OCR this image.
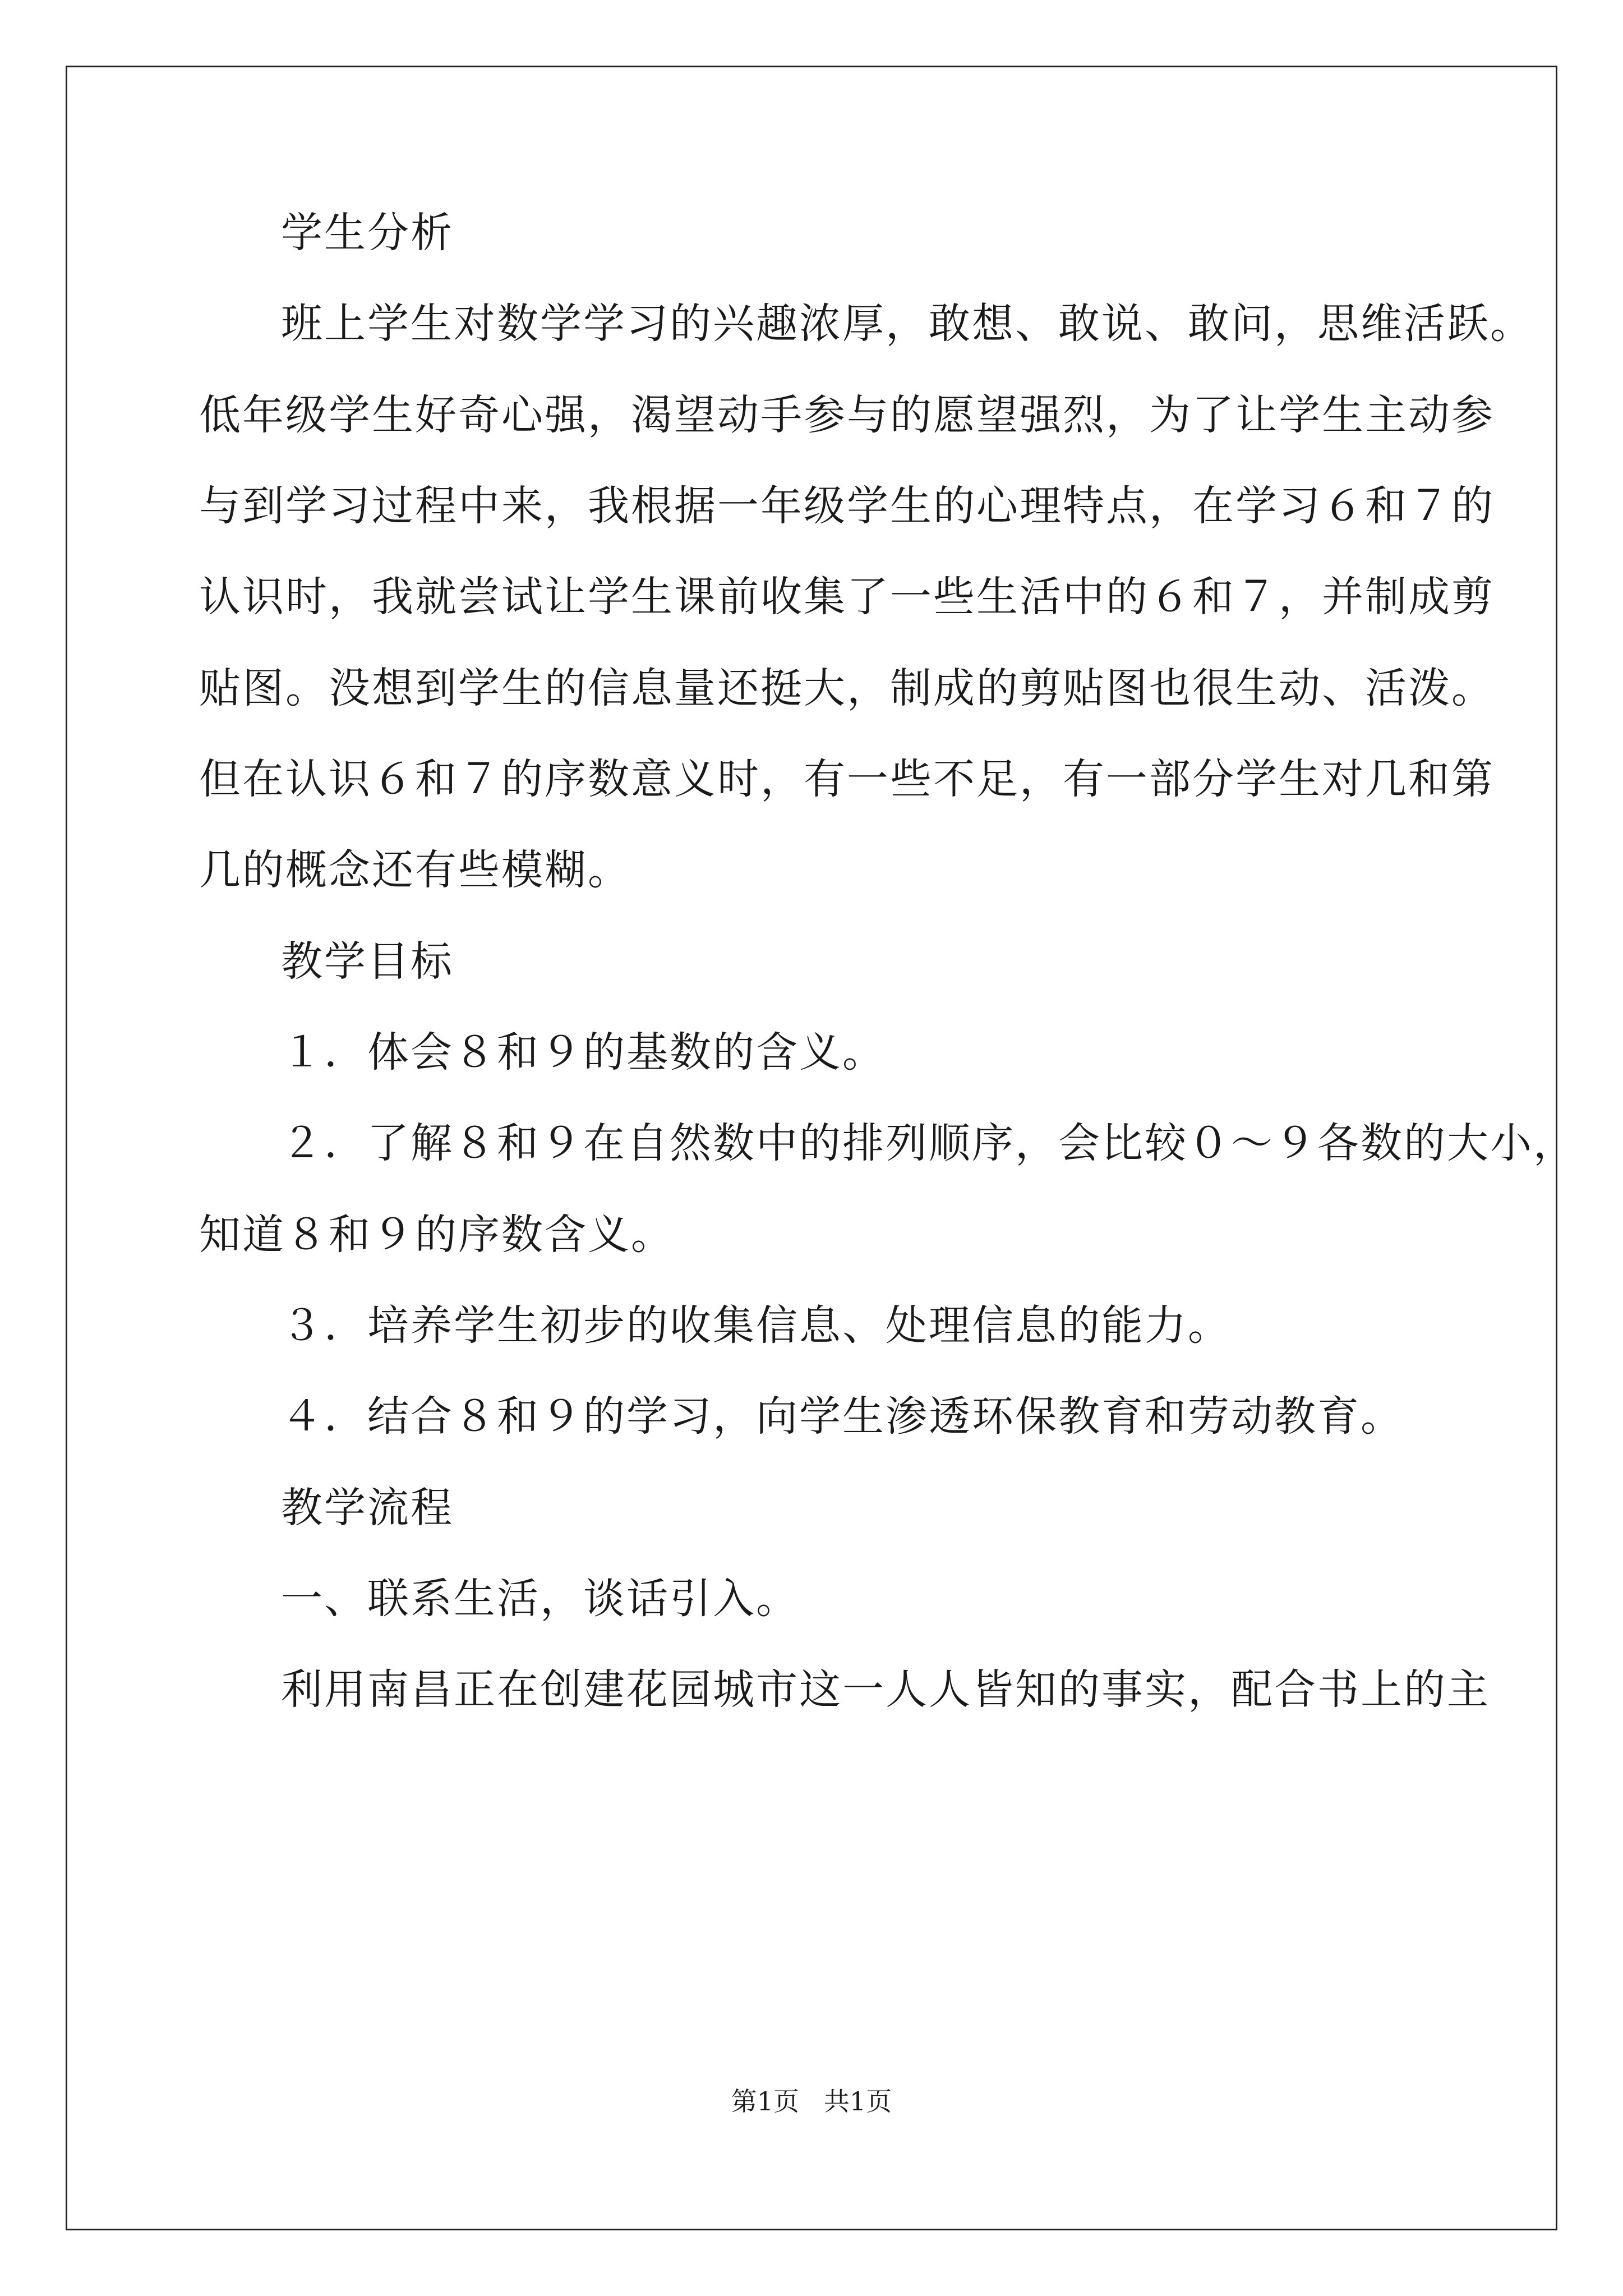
学生分析
班上学生对数学学习的兴趣浓厚，敢想、敢说、敢问，思维活跃。
低年级学生好奇心强，渴望动手参与的愿望强烈，为了让学生主动参
与到学习过程中来，我根据一年级学生的心理特点，在学习６和７的
认识时，我就尝试让学生课前收集了一些生活中的６和７，并制成剪
贴图。没想到学生的信息量还挺大，制成的剪贴图也很生动、活泼。
但在认识６和７的序数意义时，有一些不足，有一部分学生对几和第
几的概念还有些模糊。
教学目标
１．体会８和９的基数的含义。
２．了解８和９在自然数中的排列顺序，会比较０～９各数的大小，
知道８和９的序数含义。
３．培养学生初步的收集信息、处理信息的能力。
４．结合８和９的学习，向学生渗透环保教育和劳动教育。
教学流程
一、联系生活，谈话引入。
利用南昌正在创建花园城市这一人人皆知的事实，配合书上的主
第1页   共1页
